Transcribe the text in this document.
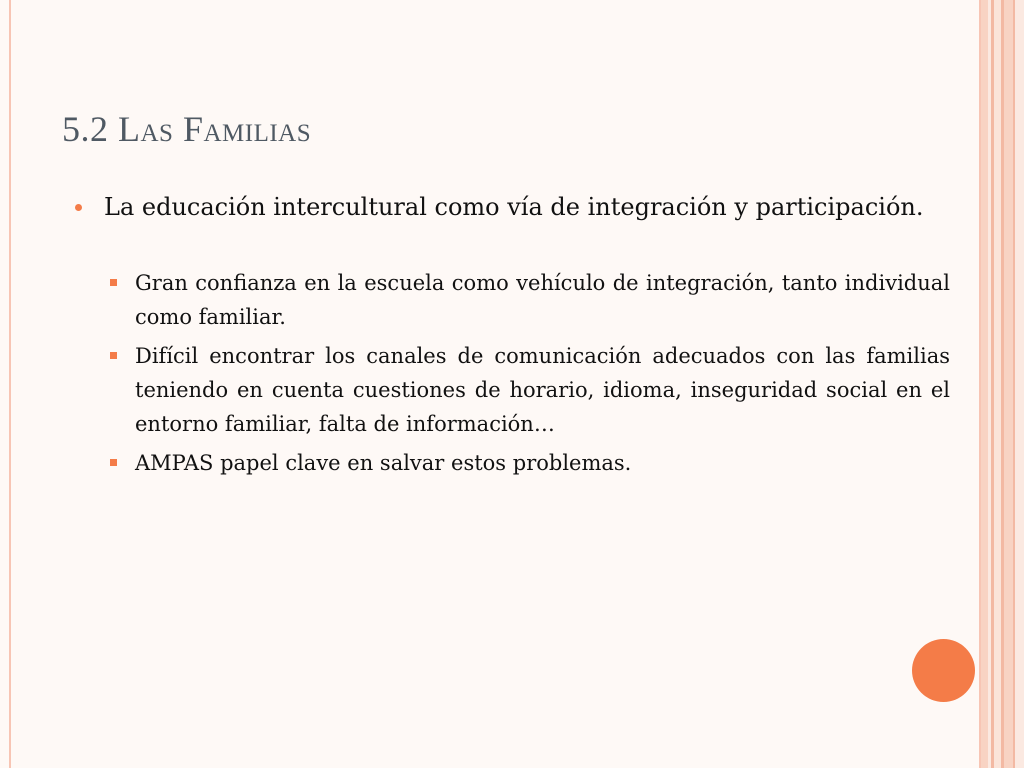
5.2 Las Familias
La educación intercultural como vía de integración y participación.
Gran confianza en la escuela como vehículo de integración, tanto individual como familiar.
Difícil encontrar los canales de comunicación adecuados con las familias teniendo en cuenta cuestiones de horario, idioma, inseguridad social en el entorno familiar, falta de información…
AMPAS papel clave en salvar estos problemas.
